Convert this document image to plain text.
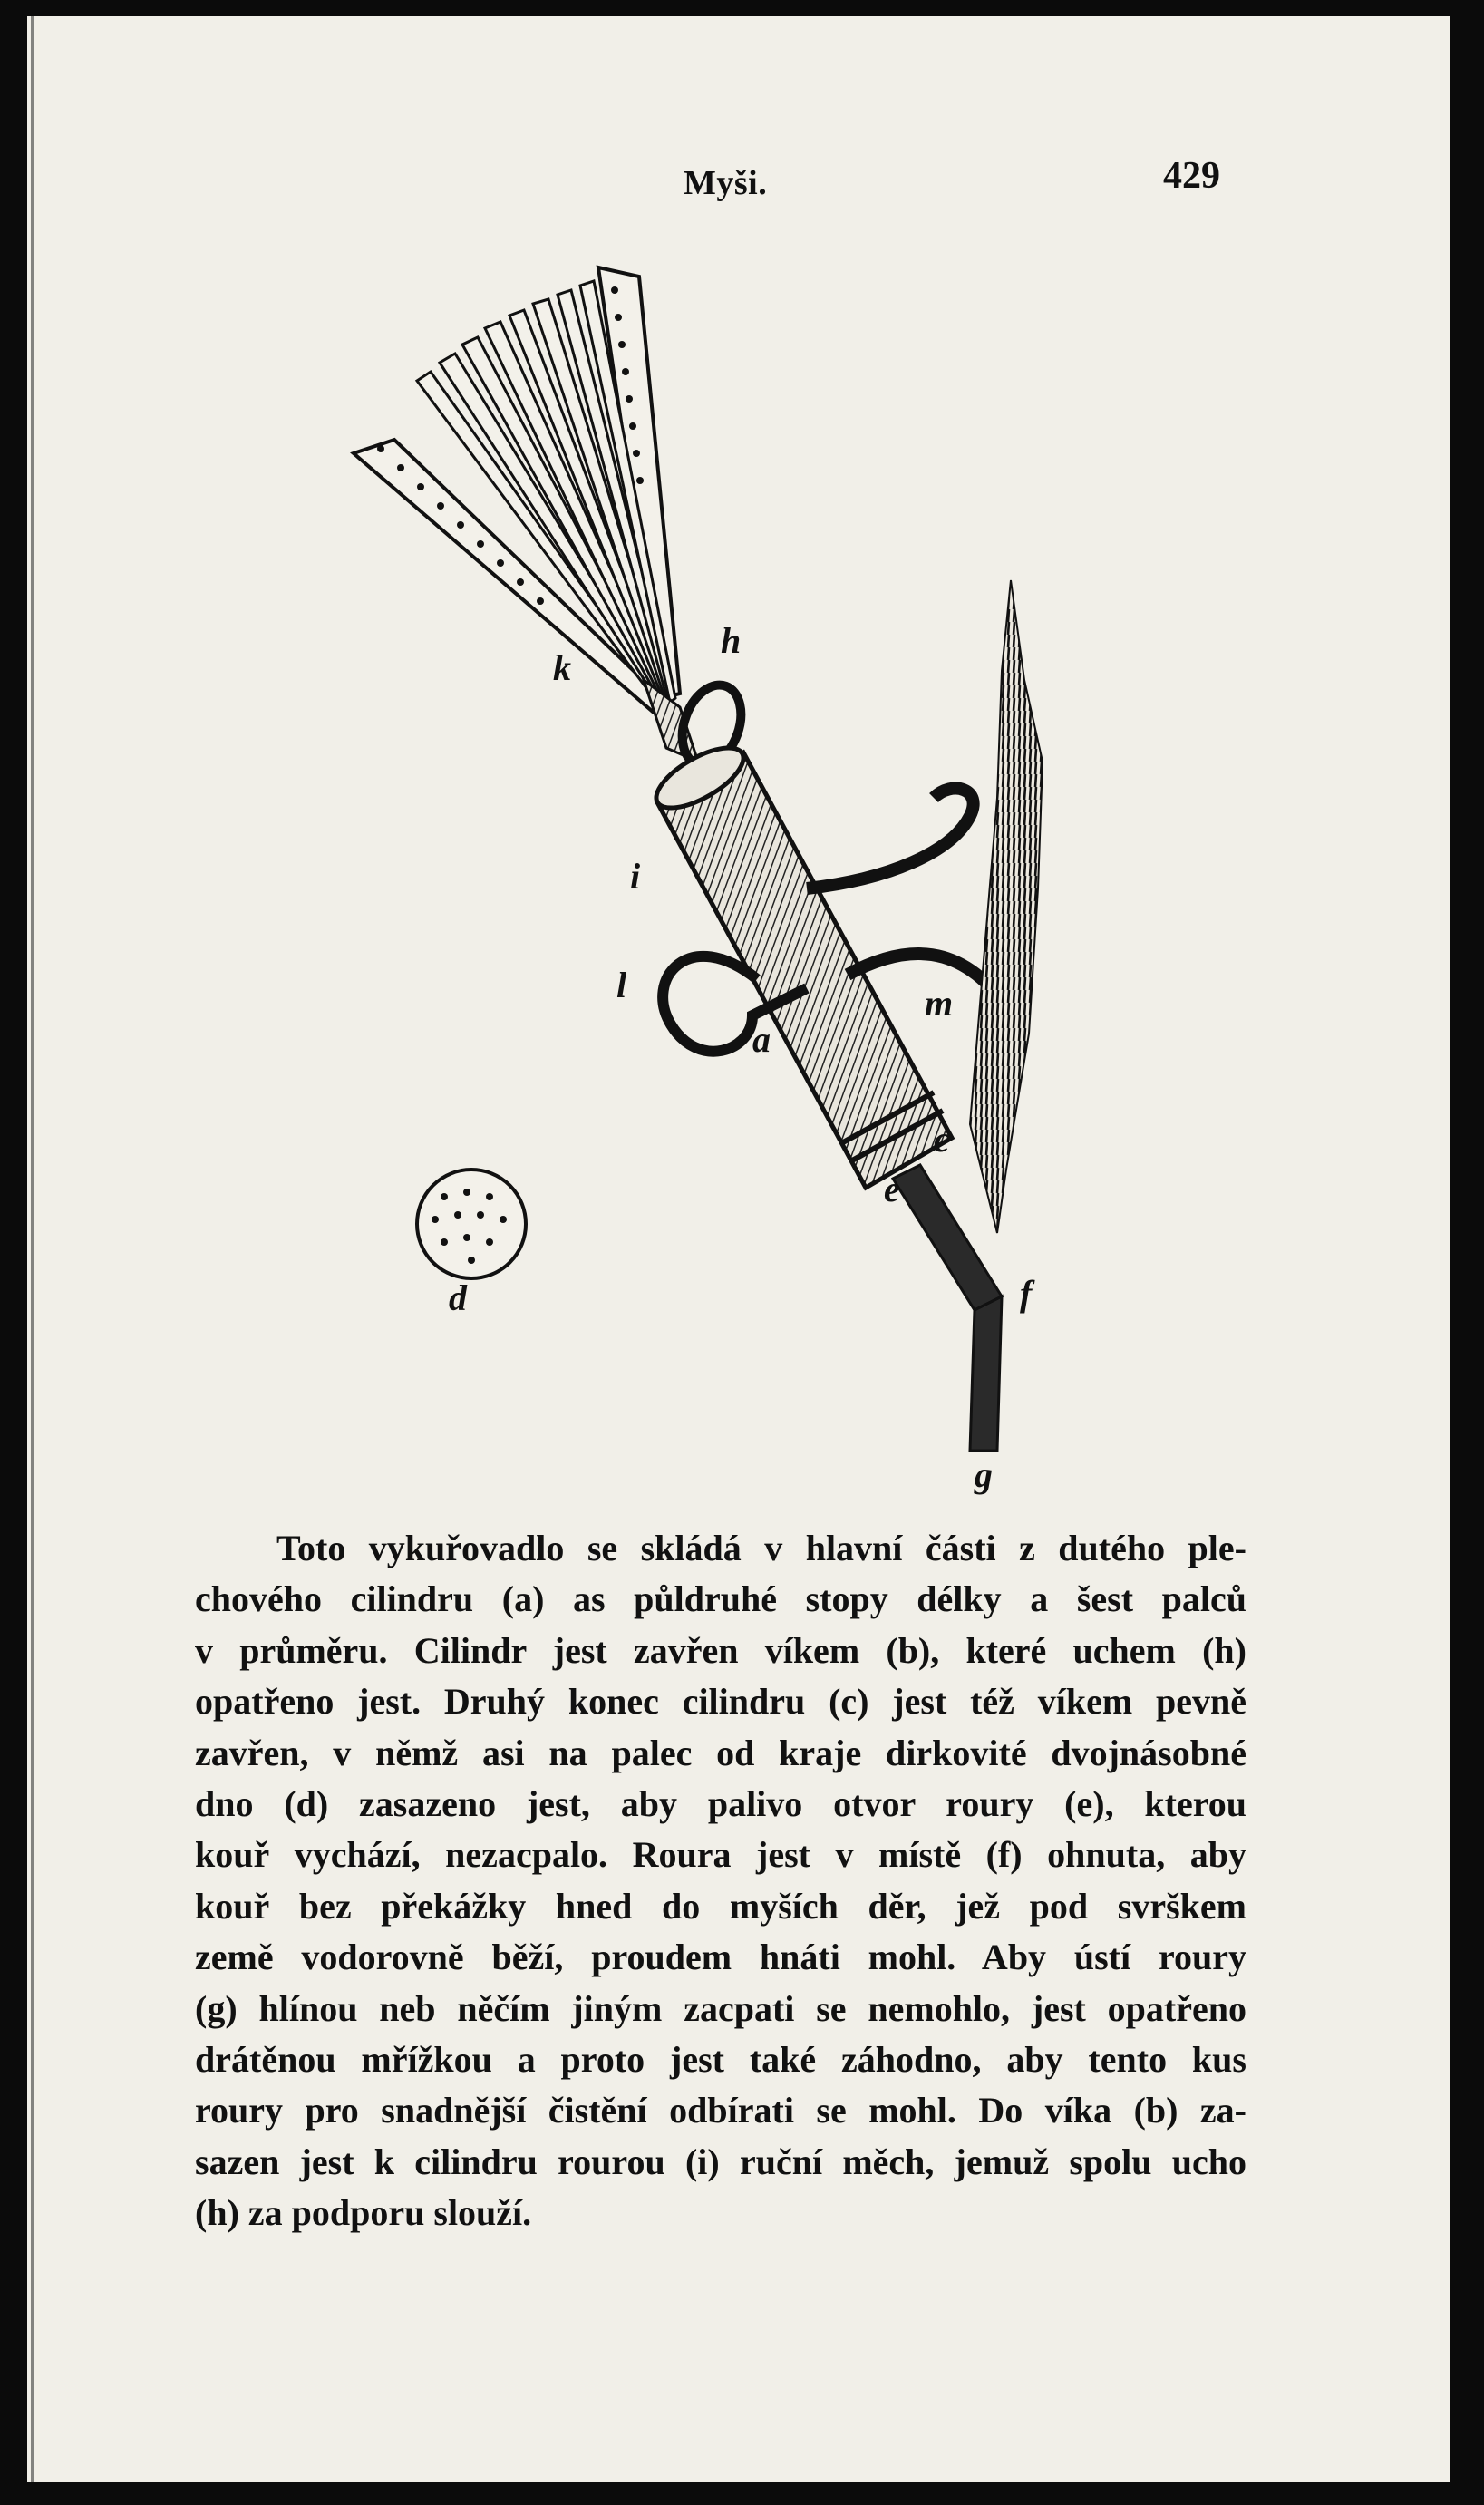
Myši.	429
k
h
i
l
a
m
c
e
f
g
d
Toto vykuřovadlo se skládá v hlavní části z dutého ple-
chového cilindru (a) as půldruhé stopy délky a šest palců
v průměru. Cilindr jest zavřen víkem (b), které uchem (h)
opatřeno jest. Druhý konec cilindru (c) jest též víkem pevně
zavřen, v němž asi na palec od kraje dirkovité dvojnásobné
dno (d) zasazeno jest, aby palivo otvor roury (e), kterou
kouř vychází, nezacpalo. Roura jest v místě (f) ohnuta, aby
kouř bez překážky hned do myších děr, jež pod svrškem
země vodorovně běží, proudem hnáti mohl. Aby ústí roury
(g) hlínou neb něčím jiným zacpati se nemohlo, jest opatřeno
drátěnou mřížkou a proto jest také záhodno, aby tento kus
roury pro snadnější čistění odbírati se mohl. Do víka (b) za-
sazen jest k cilindru rourou (i) ruční měch, jemuž spolu ucho
(h) za podporu slouží.
